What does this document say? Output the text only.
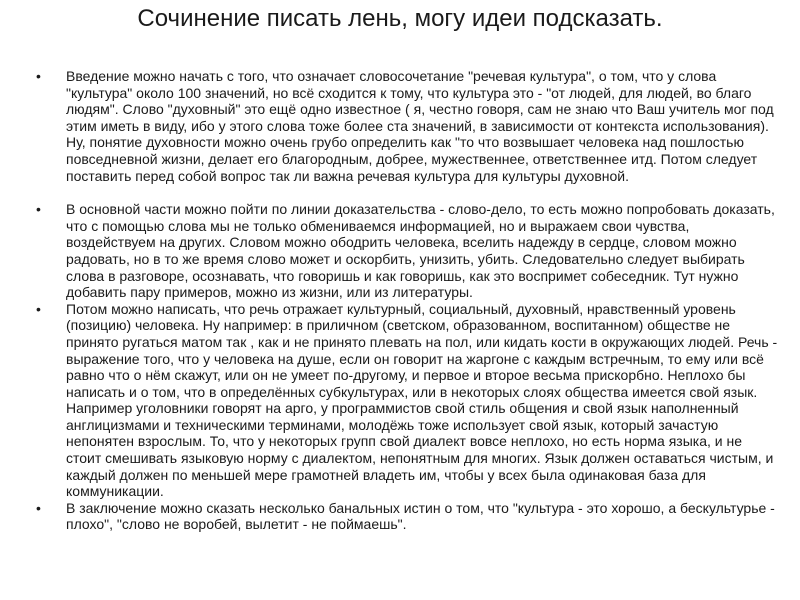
Сочинение писать лень, могу идеи подсказать.
•	Введение можно начать с того, что означает словосочетание "речевая культура", о том, что у слова "культура" около 100 значений, но всё сходится к тому, что культура это - "от людей, для людей, во благо людям". Слово "духовный" это ещё одно известное ( я, честно говоря, сам не знаю что Ваш учитель мог под этим иметь в виду, ибо у этого слова тоже более ста значений, в зависимости от контекста использования). Ну, понятие духовности можно очень грубо определить как "то что возвышает человека над пошлостью повседневной жизни, делает его благородным, добрее, мужественнее, ответственнее итд. Потом следует поставить перед собой вопрос так ли важна речевая культура для культуры духовной.
•	В основной части можно пойти по линии доказательства - слово-дело, то есть можно попробовать доказать, что с помощью слова мы не только обмениваемся информацией, но и выражаем свои чувства, воздействуем на других. Словом можно ободрить человека, вселить надежду в сердце, словом можно радовать, но в то же время слово может и оскорбить, унизить, убить. Следовательно следует выбирать слова в разговоре, осознавать, что говоришь и как говоришь, как это воспримет собеседник. Тут нужно добавить пару примеров, можно из жизни, или из литературы.
•	Потом можно написать, что речь отражает культурный, социальный, духовный, нравственный уровень (позицию) человека. Ну например: в приличном (светском, образованном, воспитанном) обществе не принято ругаться матом так , как и не принято плевать на пол, или кидать кости в окружающих людей. Речь - выражение того, что у человека на душе, если он говорит на жаргоне с каждым встречным, то ему или всё равно что о нём скажут, или он не умеет по-другому, и первое и второе весьма прискорбно. Неплохо бы написать и о том, что в определённых субкультурах, или в некоторых слоях общества имеется свой язык. Например уголовники говорят на арго, у программистов свой стиль общения и свой язык наполненный англицизмами и техническими терминами, молодёжь тоже использует свой язык, который зачастую непонятен взрослым. То, что у некоторых групп свой диалект вовсе неплохо, но есть норма языка, и не стоит смешивать языковую норму с диалектом, непонятным для многих. Язык должен оставаться чистым, и каждый должен по меньшей мере грамотней владеть им, чтобы у всех была одинаковая база для коммуникации.
•	В заключение можно сказать несколько банальных истин о том, что "культура - это хорошо, а бескультурье - плохо", "слово не воробей, вылетит - не поймаешь".
